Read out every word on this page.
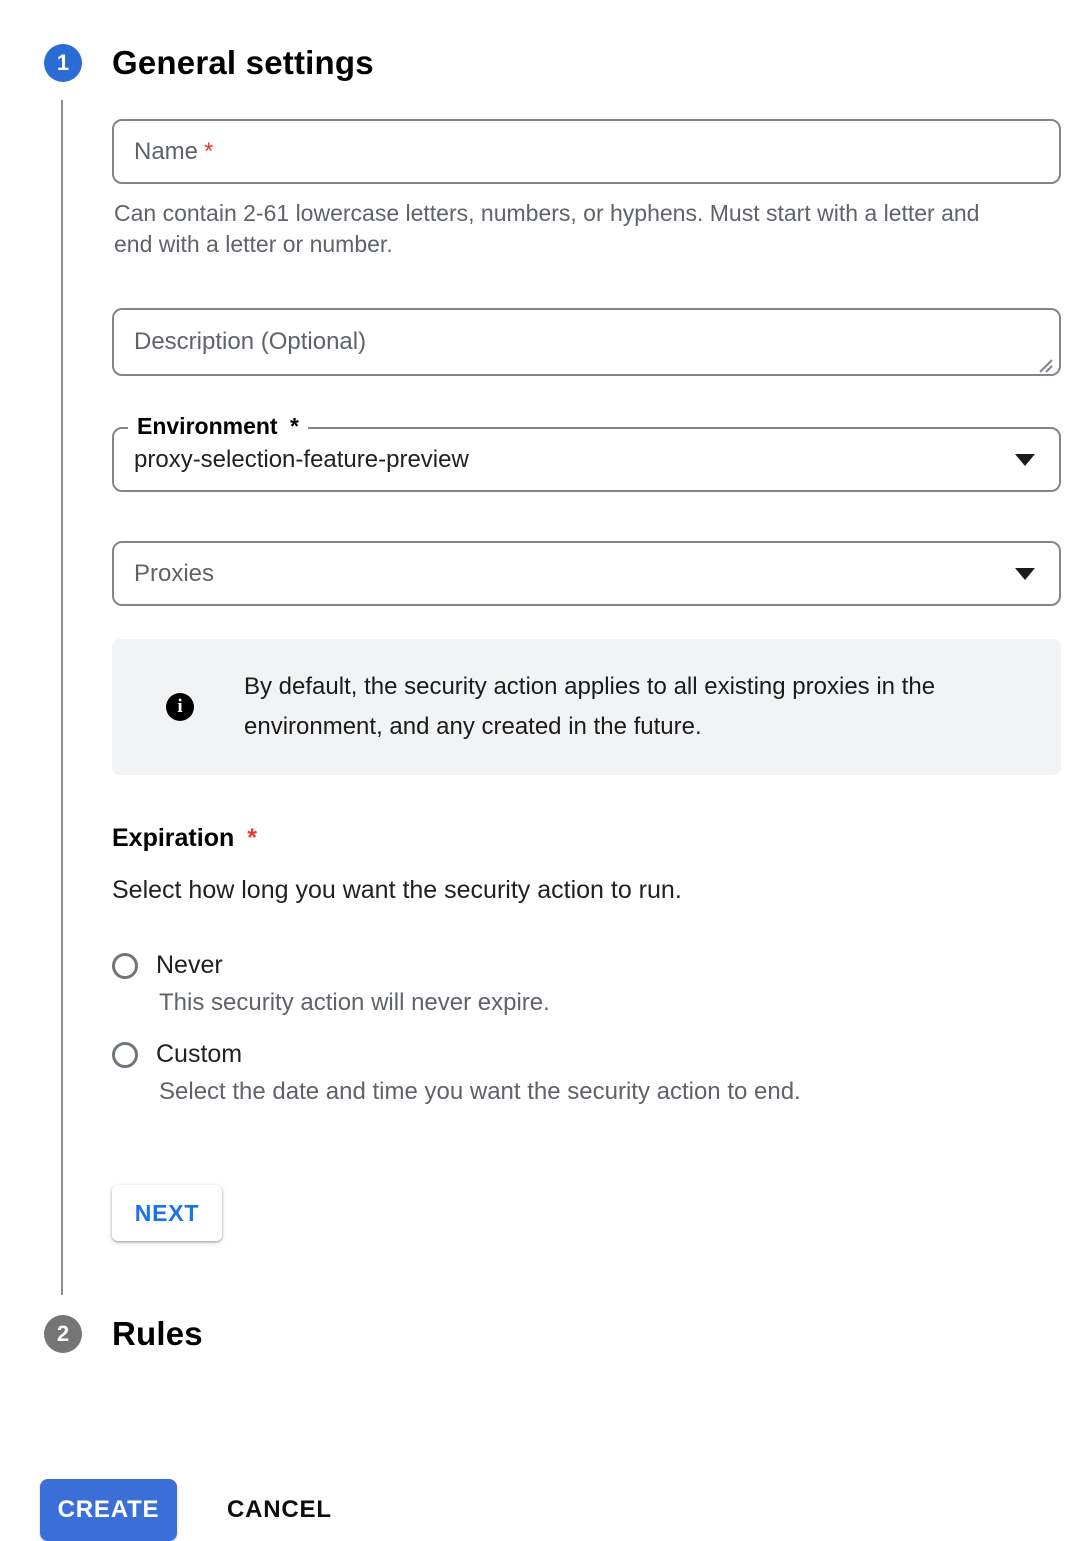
1	General settings
Name *
Can contain 2-61 lowercase letters, numbers, or hyphens. Must start with a letter and end with a letter or number.
Description (Optional)
Environment *
proxy-selection-feature-preview
Proxies
i
By default, the security action applies to all existing proxies in the environment, and any created in the future.
Expiration *
Select how long you want the security action to run.
Never
This security action will never expire.
Custom
Select the date and time you want the security action to end.
NEXT
2	Rules
CREATE	CANCEL
